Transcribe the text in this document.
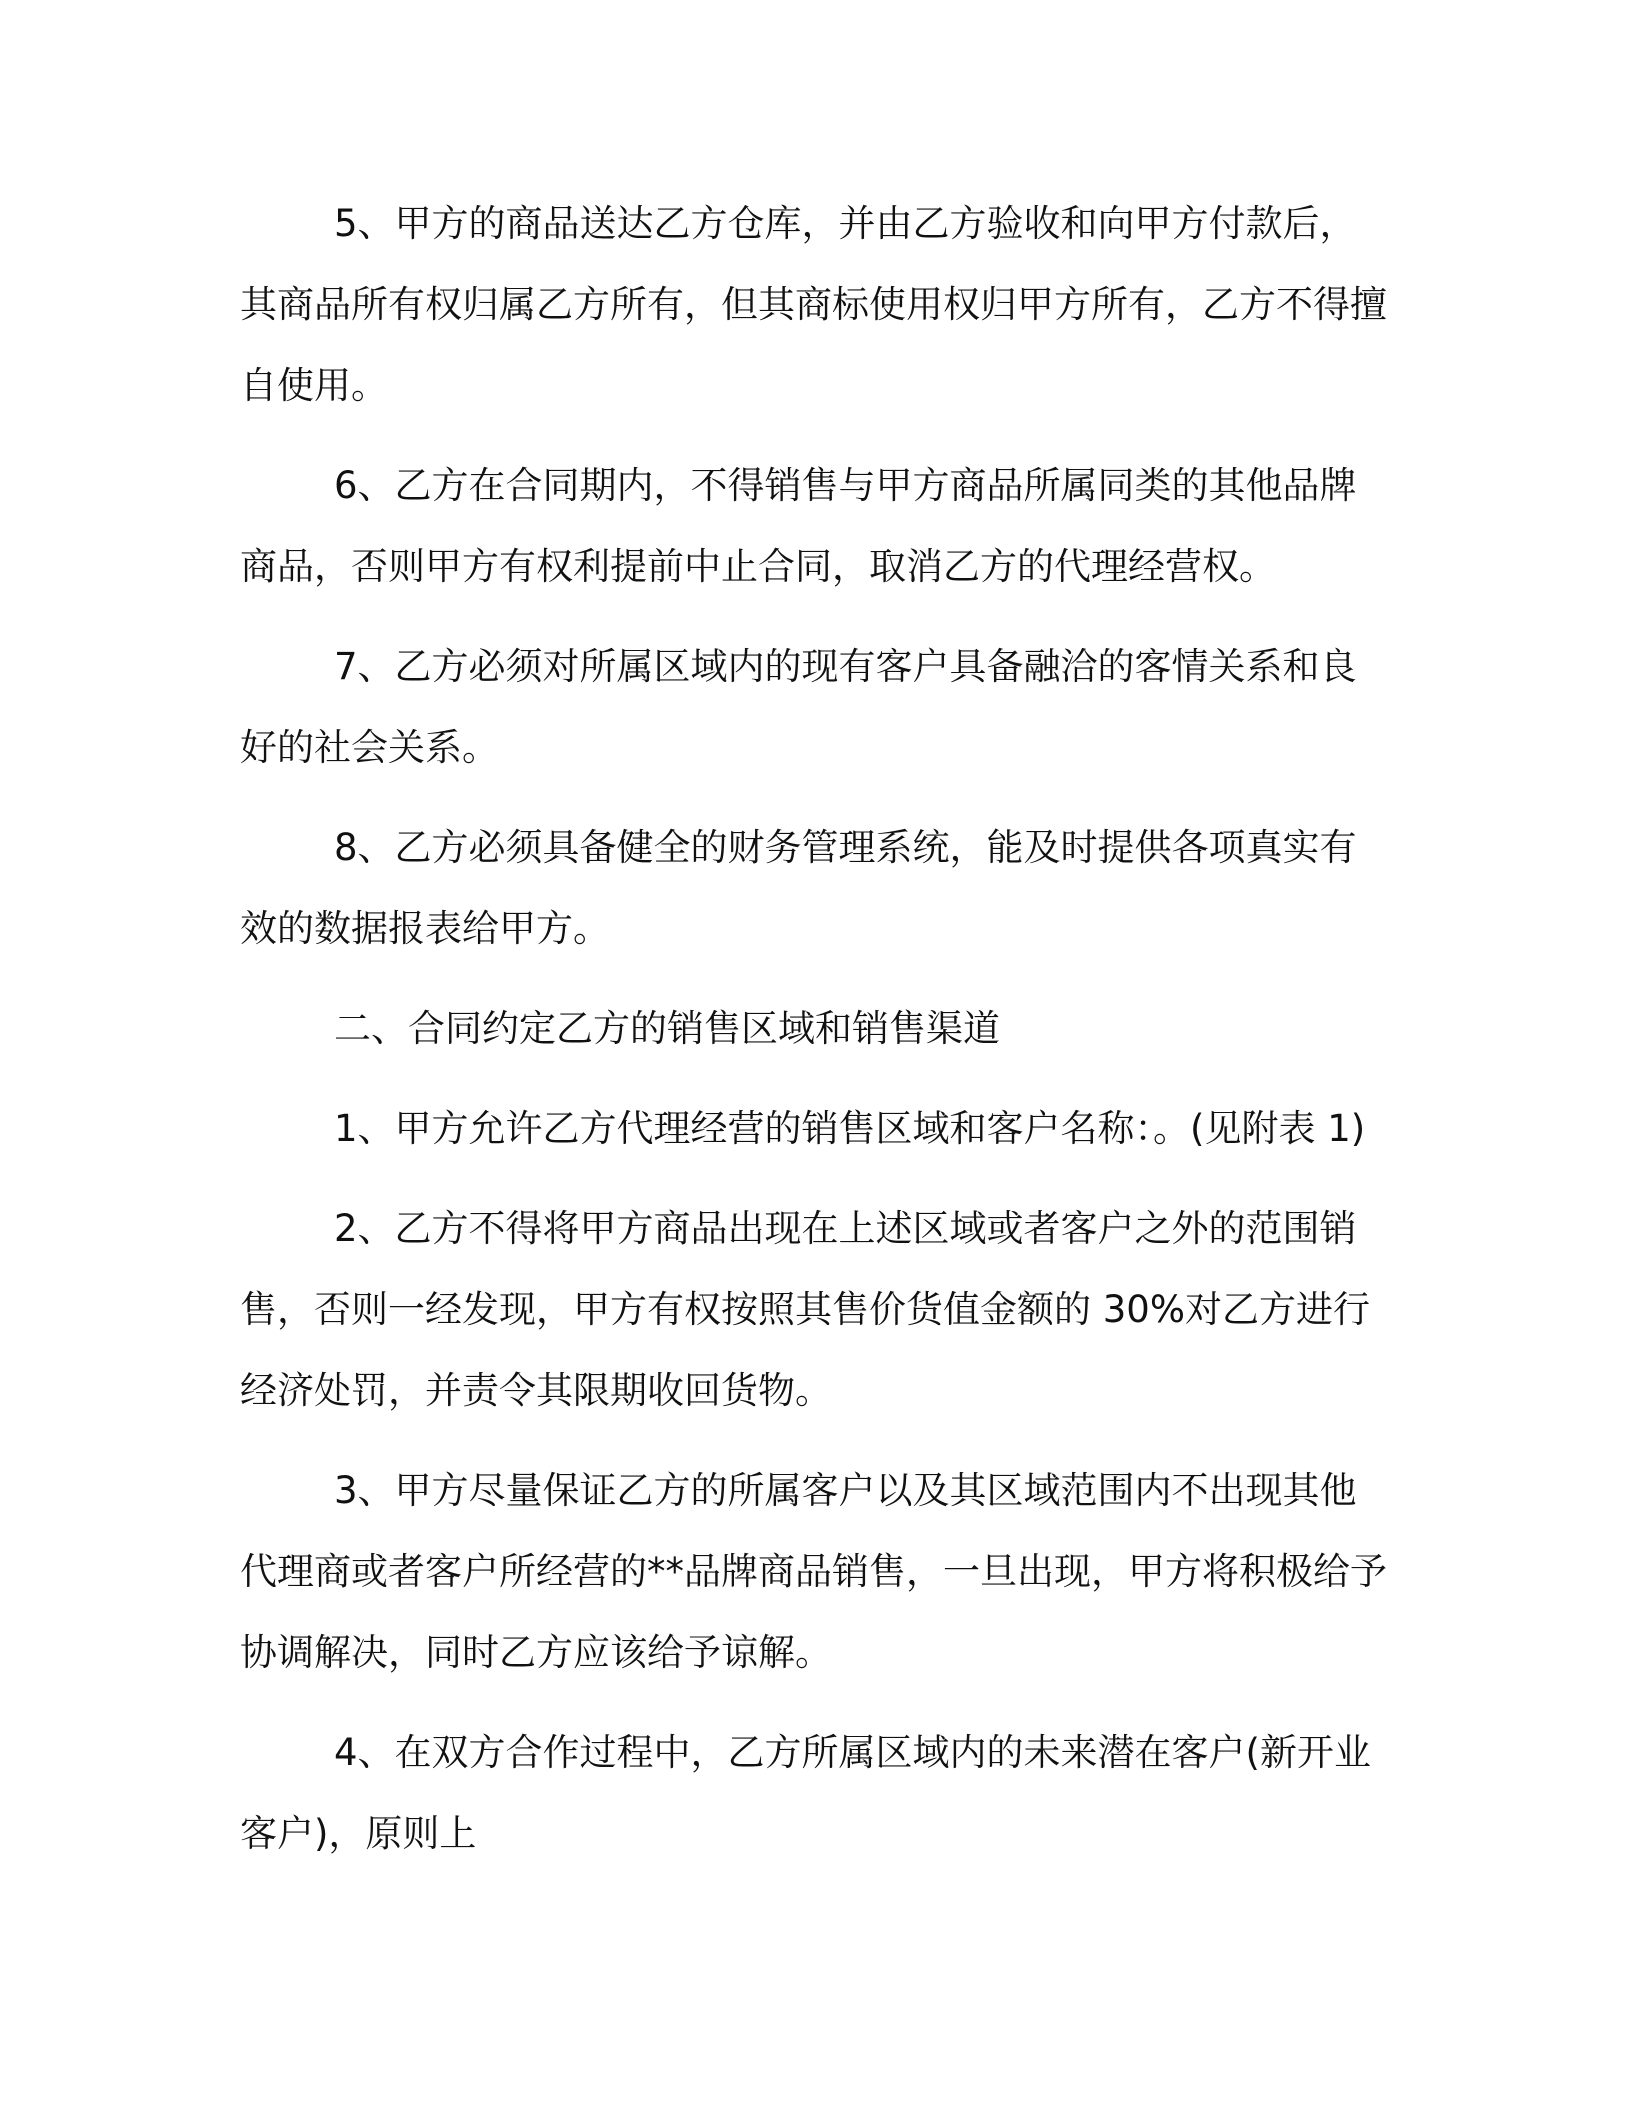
5、甲方的商品送达乙方仓库，并由乙方验收和向甲方付款后，其商品所有权归属乙方所有，但其商标使用权归甲方所有，乙方不得擅自使用。

6、乙方在合同期内，不得销售与甲方商品所属同类的其他品牌商品，否则甲方有权利提前中止合同，取消乙方的代理经营权。

7、乙方必须对所属区域内的现有客户具备融洽的客情关系和良好的社会关系。

8、乙方必须具备健全的财务管理系统，能及时提供各项真实有效的数据报表给甲方。

二、合同约定乙方的销售区域和销售渠道

1、甲方允许乙方代理经营的销售区域和客户名称：。(见附表 1)

2、乙方不得将甲方商品出现在上述区域或者客户之外的范围销售，否则一经发现，甲方有权按照其售价货值金额的 30%对乙方进行经济处罚，并责令其限期收回货物。

3、甲方尽量保证乙方的所属客户以及其区域范围内不出现其他代理商或者客户所经营的**品牌商品销售，一旦出现，甲方将积极给予协调解决，同时乙方应该给予谅解。

4、在双方合作过程中，乙方所属区域内的未来潜在客户(新开业客户)，原则上
